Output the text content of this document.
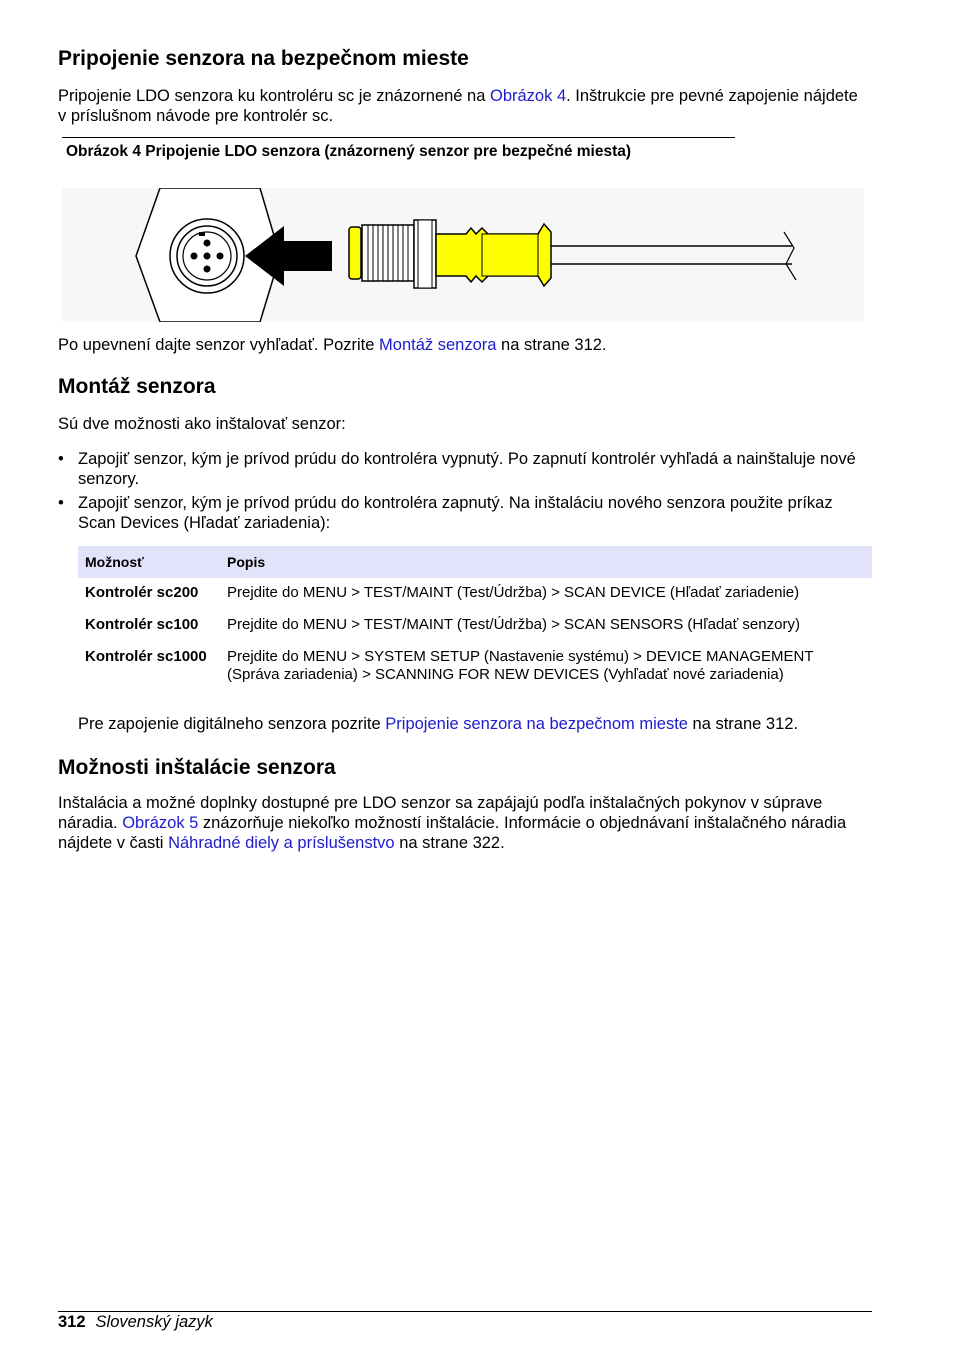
Pripojenie senzora na bezpečnom mieste

Pripojenie LDO senzora ku kontroléru sc je znázornené na Obrázok 4. Inštrukcie pre pevné zapojenie nájdete v príslušnom návode pre kontrolér sc.

Obrázok 4 Pripojenie LDO senzora (znázornený senzor pre bezpečné miesta)

Po upevnení dajte senzor vyhľadať. Pozrite Montáž senzora na strane 312.

Montáž senzora

Sú dve možnosti ako inštalovať senzor:

• Zapojiť senzor, kým je prívod prúdu do kontroléra vypnutý. Po zapnutí kontrolér vyhľadá a nainštaluje nové senzory.
• Zapojiť senzor, kým je prívod prúdu do kontroléra zapnutý. Na inštaláciu nového senzora použite príkaz Scan Devices (Hľadať zariadenia):
Možnosť	Popis
Kontrolér sc200	Prejdite do MENU > TEST/MAINT (Test/Údržba) > SCAN DEVICE (Hľadať zariadenie)
Kontrolér sc100	Prejdite do MENU > TEST/MAINT (Test/Údržba) > SCAN SENSORS (Hľadať senzory)
Kontrolér sc1000	Prejdite do MENU > SYSTEM SETUP (Nastavenie systému) > DEVICE MANAGEMENT (Správa zariadenia) > SCANNING FOR NEW DEVICES (Vyhľadať nové zariadenia)

Pre zapojenie digitálneho senzora pozrite Pripojenie senzora na bezpečnom mieste na strane 312.

Možnosti inštalácie senzora

Inštalácia a možné doplnky dostupné pre LDO senzor sa zapájajú podľa inštalačných pokynov v súprave náradia. Obrázok 5 znázorňuje niekoľko možností inštalácie. Informácie o objednávaní inštalačného náradia nájdete v časti Náhradné diely a príslušenstvo na strane 322.

312 Slovenský jazyk
